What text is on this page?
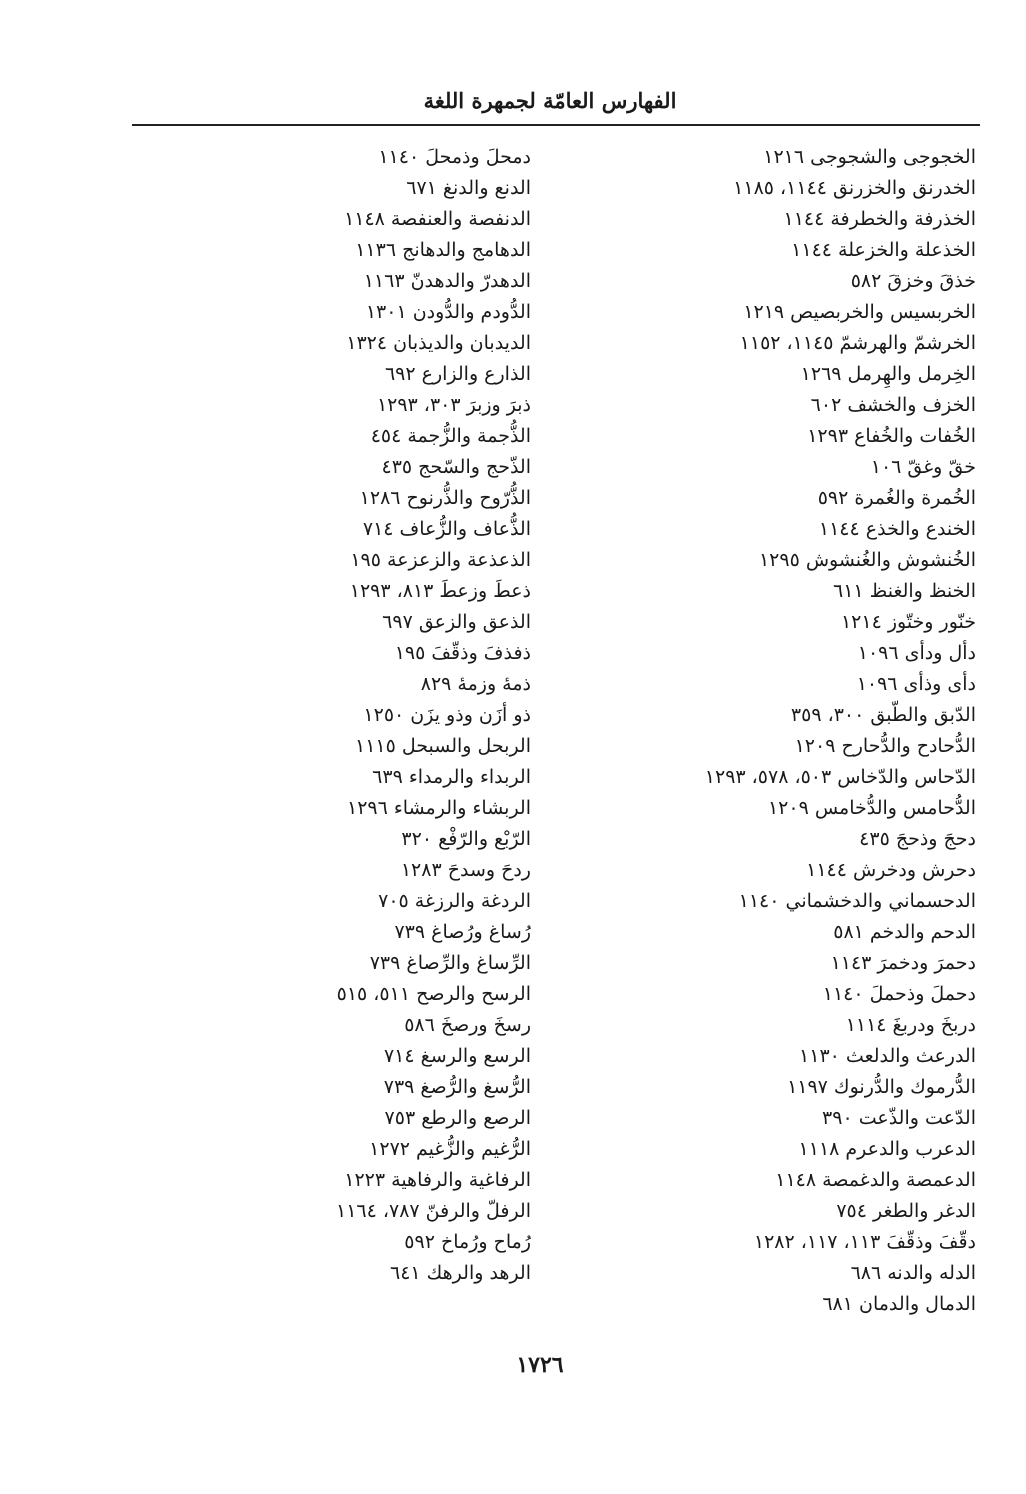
الفهارس العامّة لجمهرة اللغة
الخجوجى والشجوجى ١٢١٦
الخدرنق والخزرنق ١١٤٤، ١١٨٥
الخذرفة والخطرفة ١١٤٤
الخذعلة والخزعلة ١١٤٤
خذقَ وخزقَ ٥٨٢
الخربسيس والخربصيص ١٢١٩
الخرشمّ والهرشمّ ١١٤٥، ١١٥٢
الخِرمل والهِرمل ١٢٦٩
الخزف والخشف ٦٠٢
الخُفات والخُفاع ١٢٩٣
خقّ وغقّ ١٠٦
الخُمرة والغُمرة ٥٩٢
الخندع والخذع ١١٤٤
الخُنشوش والغُنشوش ١٢٩٥
الخنظ والغنظ ٦١١
خنّور وختّوز ١٢١٤
دأل ودأى ١٠٩٦
دأى وذأى ١٠٩٦
الدّبق والطّبق ٣٠٠، ٣٥٩
الدُّحادح والدُّحارح ١٢٠٩
الدّحاس والدّخاس ٥٠٣، ٥٧٨، ١٢٩٣
الدُّحامس والدُّخامس ١٢٠٩
دحجَ وذحجَ ٤٣٥
دحرش ودخرش ١١٤٤
الدحسماني والدخشماني ١١٤٠
الدحم والدخم ٥٨١
دحمرَ ودخمرَ ١١٤٣
دحملَ وذحملَ ١١٤٠
دربخَ ودربغَ ١١١٤
الدرعث والدلعث ١١٣٠
الدُّرموك والدُّرنوك ١١٩٧
الدّعت والذّعت ٣٩٠
الدعرب والدعرم ١١١٨
الدعمصة والدغمصة ١١٤٨
الدغر والطغر ٧٥٤
دقّفَ وذقّفَ ١١٣، ١١٧، ١٢٨٢
الدله والدنه ٦٨٦
الدمال والدمان ٦٨١
دمحلَ وذمحلَ ١١٤٠
الدنع والدنغ ٦٧١
الدنفصة والعنفصة ١١٤٨
الدهامج والدهانج ١١٣٦
الدهدرّ والدهدنّ ١١٦٣
الدُّودم والدُّودن ١٣٠١
الديدبان والديذبان ١٣٢٤
الذارع والزارع ٦٩٢
ذبرَ وزبرَ ٣٠٣، ١٢٩٣
الذُّجمة والزُّجمة ٤٥٤
الذّحج والسّحج ٤٣٥
الذُّرّوح والذُّرنوح ١٢٨٦
الذُّعاف والزُّعاف ٧١٤
الذعذعة والزعزعة ١٩٥
ذعطَ وزعطَ ٨١٣، ١٢٩٣
الذعق والزعق ٦٩٧
ذفذفَ وذقّفَ ١٩٥
ذمهٔ وزمهٔ ٨٢٩
ذو أزَن وذو يزَن ١٢٥٠
الربحل والسبحل ١١١٥
الربداء والرمداء ٦٣٩
الربشاء والرمشاء ١٢٩٦
الرّبْع والرّفْع ٣٢٠
ردحَ وسدحَ ١٢٨٣
الردغة والرزغة ٧٠٥
رُساغ ورُصاغ ٧٣٩
الرِّساغ والرِّصاغ ٧٣٩
الرسح والرصح ٥١١، ٥١٥
رسخَ ورصخَ ٥٨٦
الرسع والرسغ ٧١٤
الرُّسغ والرُّصغ ٧٣٩
الرصع والرطع ٧٥٣
الرُّغيم والزُّغيم ١٢٧٢
الرفاغية والرفاهية ١٢٢٣
الرفلّ والرفنّ ٧٨٧، ١١٦٤
رُماح ورُماخ ٥٩٢
الرهد والرهك ٦٤١
١٧٢٦
